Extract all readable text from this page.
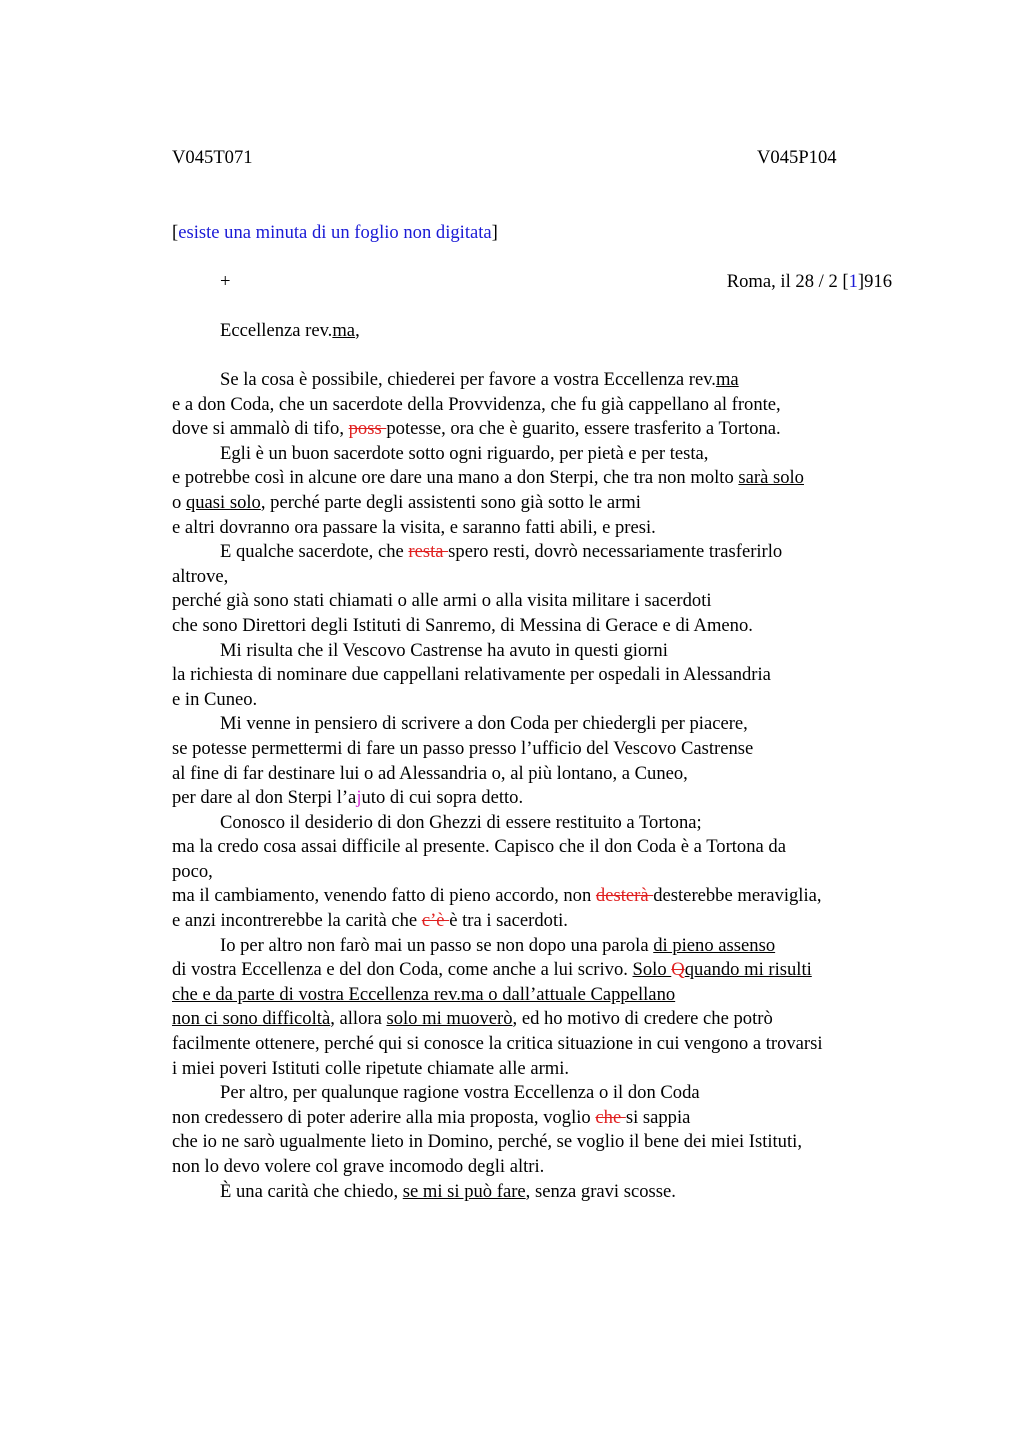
V045T071	V045P104
[esiste una minuta di un foglio non digitata]
+	Roma, il 28 / 2 [1]916
Eccellenza rev.ma,
Se la cosa è possibile, chiederei per favore a vostra Eccellenza rev.ma
e a don Coda, che un sacerdote della Provvidenza, che fu già cappellano al fronte,
dove si ammalò di tifo, poss potesse, ora che è guarito, essere trasferito a Tortona.
Egli è un buon sacerdote sotto ogni riguardo, per pietà e per testa,
e potrebbe così in alcune ore dare una mano a don Sterpi, che tra non molto sarà solo
o quasi solo, perché parte degli assistenti sono già sotto le armi
e altri dovranno ora passare la visita, e saranno fatti abili, e presi.
E qualche sacerdote, che resta spero resti, dovrò necessariamente trasferirlo
altrove,
perché già sono stati chiamati o alle armi o alla visita militare i sacerdoti
che sono Direttori degli Istituti di Sanremo, di Messina di Gerace e di Ameno.
Mi risulta che il Vescovo Castrense ha avuto in questi giorni
la richiesta di nominare due cappellani relativamente per ospedali in Alessandria
e in Cuneo.
Mi venne in pensiero di scrivere a don Coda per chiedergli per piacere,
se potesse permettermi di fare un passo presso l’ufficio del Vescovo Castrense
al fine di far destinare lui o ad Alessandria o, al più lontano, a Cuneo,
per dare al don Sterpi l’ajuto di cui sopra detto.
Conosco il desiderio di don Ghezzi di essere restituito a Tortona;
ma la credo cosa assai difficile al presente. Capisco che il don Coda è a Tortona da
poco,
ma il cambiamento, venendo fatto di pieno accordo, non desterà desterebbe meraviglia,
e anzi incontrerebbe la carità che c’è è tra i sacerdoti.
Io per altro non farò mai un passo se non dopo una parola di pieno assenso
di vostra Eccellenza e del don Coda, come anche a lui scrivo. Solo Qquando mi risulti
che e da parte di vostra Eccellenza rev.ma o dall’attuale Cappellano
non ci sono difficoltà, allora solo mi muoverò, ed ho motivo di credere che potrò
facilmente ottenere, perché qui si conosce la critica situazione in cui vengono a trovarsi
i miei poveri Istituti colle ripetute chiamate alle armi.
Per altro, per qualunque ragione vostra Eccellenza o il don Coda
non credessero di poter aderire alla mia proposta, voglio che si sappia
che io ne sarò ugualmente lieto in Domino, perché, se voglio il bene dei miei Istituti,
non lo devo volere col grave incomodo degli altri.
È una carità che chiedo, se mi si può fare, senza gravi scosse.
